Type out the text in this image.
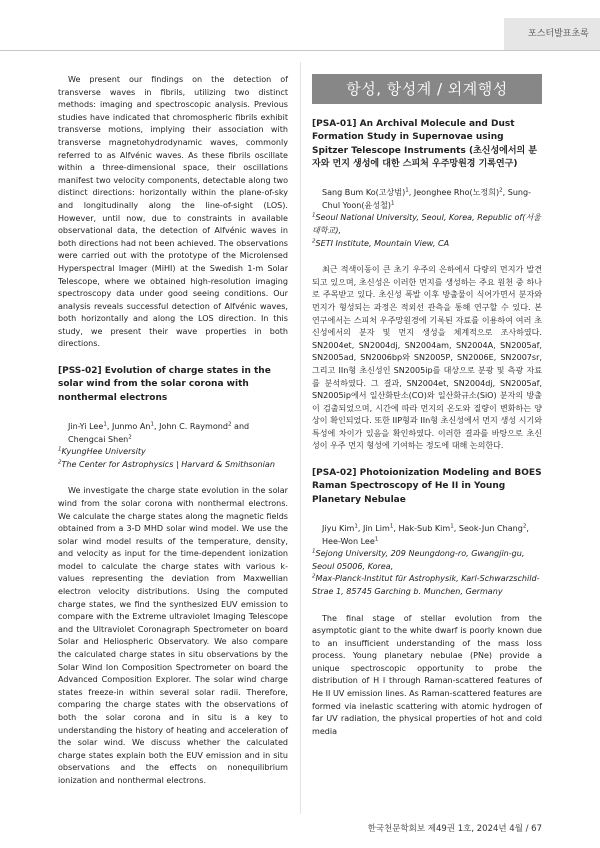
포스터발표초록

We present our findings on the detection of transverse waves in fibrils, utilizing two distinct methods: imaging and spectroscopic analysis. Previous studies have indicated that chromospheric fibrils exhibit transverse motions, implying their association with transverse magnetohydrodynamic waves, commonly referred to as Alfvénic waves. As these fibrils oscillate within a three-dimensional space, their oscillations manifest two velocity components, detectable along two distinct directions: horizontally within the plane-of-sky and longitudinally along the line-of-sight (LOS). However, until now, due to constraints in available observational data, the detection of Alfvénic waves in both directions had not been achieved. The observations were carried out with the prototype of the Microlensed Hyperspectral Imager (MiHI) at the Swedish 1-m Solar Telescope, where we obtained high-resolution imaging spectroscopy data under good seeing conditions. Our analysis reveals successful detection of Alfvénic waves, both horizontally and along the LOS direction. In this study, we present their wave properties in both directions.

[PSS-02] Evolution of charge states in the solar wind from the solar corona with nonthermal electrons
Jin-Yi Lee$^1$, Junmo An$^1$, John C. Raymond$^2$ and Chengcai Shen$^2$
$^1$KyungHee University
$^2$The Center for Astrophysics | Harvard & Smithsonian

We investigate the charge state evolution in the solar wind from the solar corona with nonthermal electrons. We calculate the charge states along the magnetic fields obtained from a 3-D MHD solar wind model. We use the solar wind model results of the temperature, density, and velocity as input for the time-dependent ionization model to calculate the charge states with various k-values representing the deviation from Maxwellian electron velocity distributions. Using the computed charge states, we find the synthesized EUV emission to compare with the Extreme ultraviolet Imaging Telescope and the Ultraviolet Coronagraph Spectrometer on board Solar and Heliospheric Observatory. We also compare the calculated charge states in situ observations by the Solar Wind Ion Composition Spectrometer on board the Advanced Composition Explorer. The solar wind charge states freeze-in within several solar radii. Therefore, comparing the charge states with the observations of both the solar corona and in situ is a key to understanding the history of heating and acceleration of the solar wind. We discuss whether the calculated charge states explain both the EUV emission and in situ observations and the effects on nonequilibrium ionization and nonthermal electrons.

항성, 항성계 / 외계행성
[PSA-01] An Archival Molecule and Dust Formation Study in Supernovae using Spitzer Telescope Instruments (초신성에서의 분자와 먼지 생성에 대한 스피처 우주망원경 기록연구)
Sang Bum Ko(고상범)$^1$, Jeonghee Rho(노정희)$^2$, Sung-Chul Yoon(윤성철)$^1$
$^1$Seoul National University, Seoul, Korea, Republic of(서울대학교),
$^2$SETI Institute, Mountain View, CA

최근 적색이동이 큰 초기 우주의 은하에서 다량의 먼지가 발견되고 있으며, 초신성은 이러한 먼지를 생성하는 주요 원천 중 하나로 주목받고 있다. 초신성 폭발 이후 방출물이 식어가면서 분자와 먼지가 형성되는 과정은 적외선 관측을 통해 연구할 수 있다. 본 연구에서는 스피처 우주망원경에 기록된 자료를 이용하여 여러 초신성에서의 분자 및 먼지 생성을 체계적으로 조사하였다. SN2004et, SN2004dj, SN2004am, SN2004A, SN2005af, SN2005ad, SN2006bp와 SN2005P, SN2006E, SN2007sr, 그리고 IIn형 초신성인 SN2005ip를 대상으로 분광 및 측광 자료를 분석하였다. 그 결과, SN2004et, SN2004dj, SN2005af, SN2005ip에서 일산화탄소(CO)와 일산화규소(SiO) 분자의 방출이 검출되었으며, 시간에 따라 먼지의 온도와 질량이 변화하는 양상이 확인되었다. 또한 IIP형과 IIn형 초신성에서 먼지 생성 시기와 특성에 차이가 있음을 확인하였다. 이러한 결과를 바탕으로 초신성이 우주 먼지 형성에 기여하는 정도에 대해 논의한다.

[PSA-02] Photoionization Modeling and BOES Raman Spectroscopy of He II in Young Planetary Nebulae
Jiyu Kim$^1$, Jin Lim$^1$, Hak-Sub Kim$^1$, Seok-Jun Chang$^2$, Hee-Won Lee$^1$
$^1$Sejong University, 209 Neungdong-ro, Gwangjin-gu, Seoul 05006, Korea,
$^2$Max-Planck-Institut für Astrophysik, Karl-Schwarzschild-Strae 1, 85745 Garching b. Munchen, Germany

The final stage of stellar evolution from the asymptotic giant to the white dwarf is poorly known due to an insufficient understanding of the mass loss process. Young planetary nebulae (PNe) provide a unique spectroscopic opportunity to probe the distribution of H I through Raman-scattered features of He II UV emission lines. As Raman-scattered features are formed via inelastic scattering with atomic hydrogen of far UV radiation, the physical properties of hot and cold media

한국천문학회보 제49권 1호, 2024년 4월 / 67
